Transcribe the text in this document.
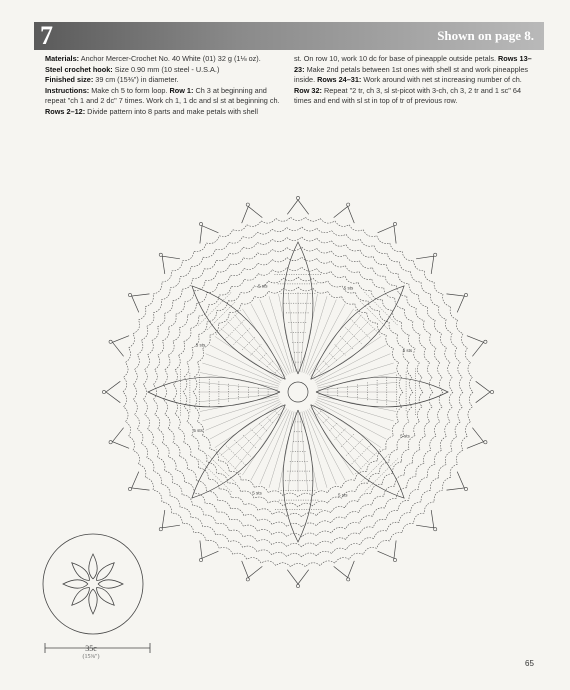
7	Shown on page 8.

Materials: Anchor Mercer-Crochet No. 40 White (01) 32 g (1⅛ oz).

Steel crochet hook: Size 0.90 mm (10 steel - U.S.A.)

Finished size: 39 cm (15⅜") in diameter.

Instructions: Make ch 5 to form loop. Row 1: Ch 3 at beginning and repeat "ch 1 and 2 dc" 7 times. Work ch 1, 1 dc and sl st at beginning ch. Rows 2–12: Divide pattern into 8 parts and make petals with shell

st. On row 10, work 10 dc for base of pineapple outside petals. Rows 13– 23: Make 2nd petals between 1st ones with shell st and work pineapples inside. Rows 24–31: Work around with net st increasing number of ch. Row 32: Repeat "2 tr, ch 3, sl st-picot with 3-ch, ch 3, 2 tr and 1 sc" 64 times and end with sl st in top of tr of previous row.

5 sts
5 sts
5 sts
5 sts
5 sts
5 sts
5 sts
5 sts
35c
(15⅜")
65
